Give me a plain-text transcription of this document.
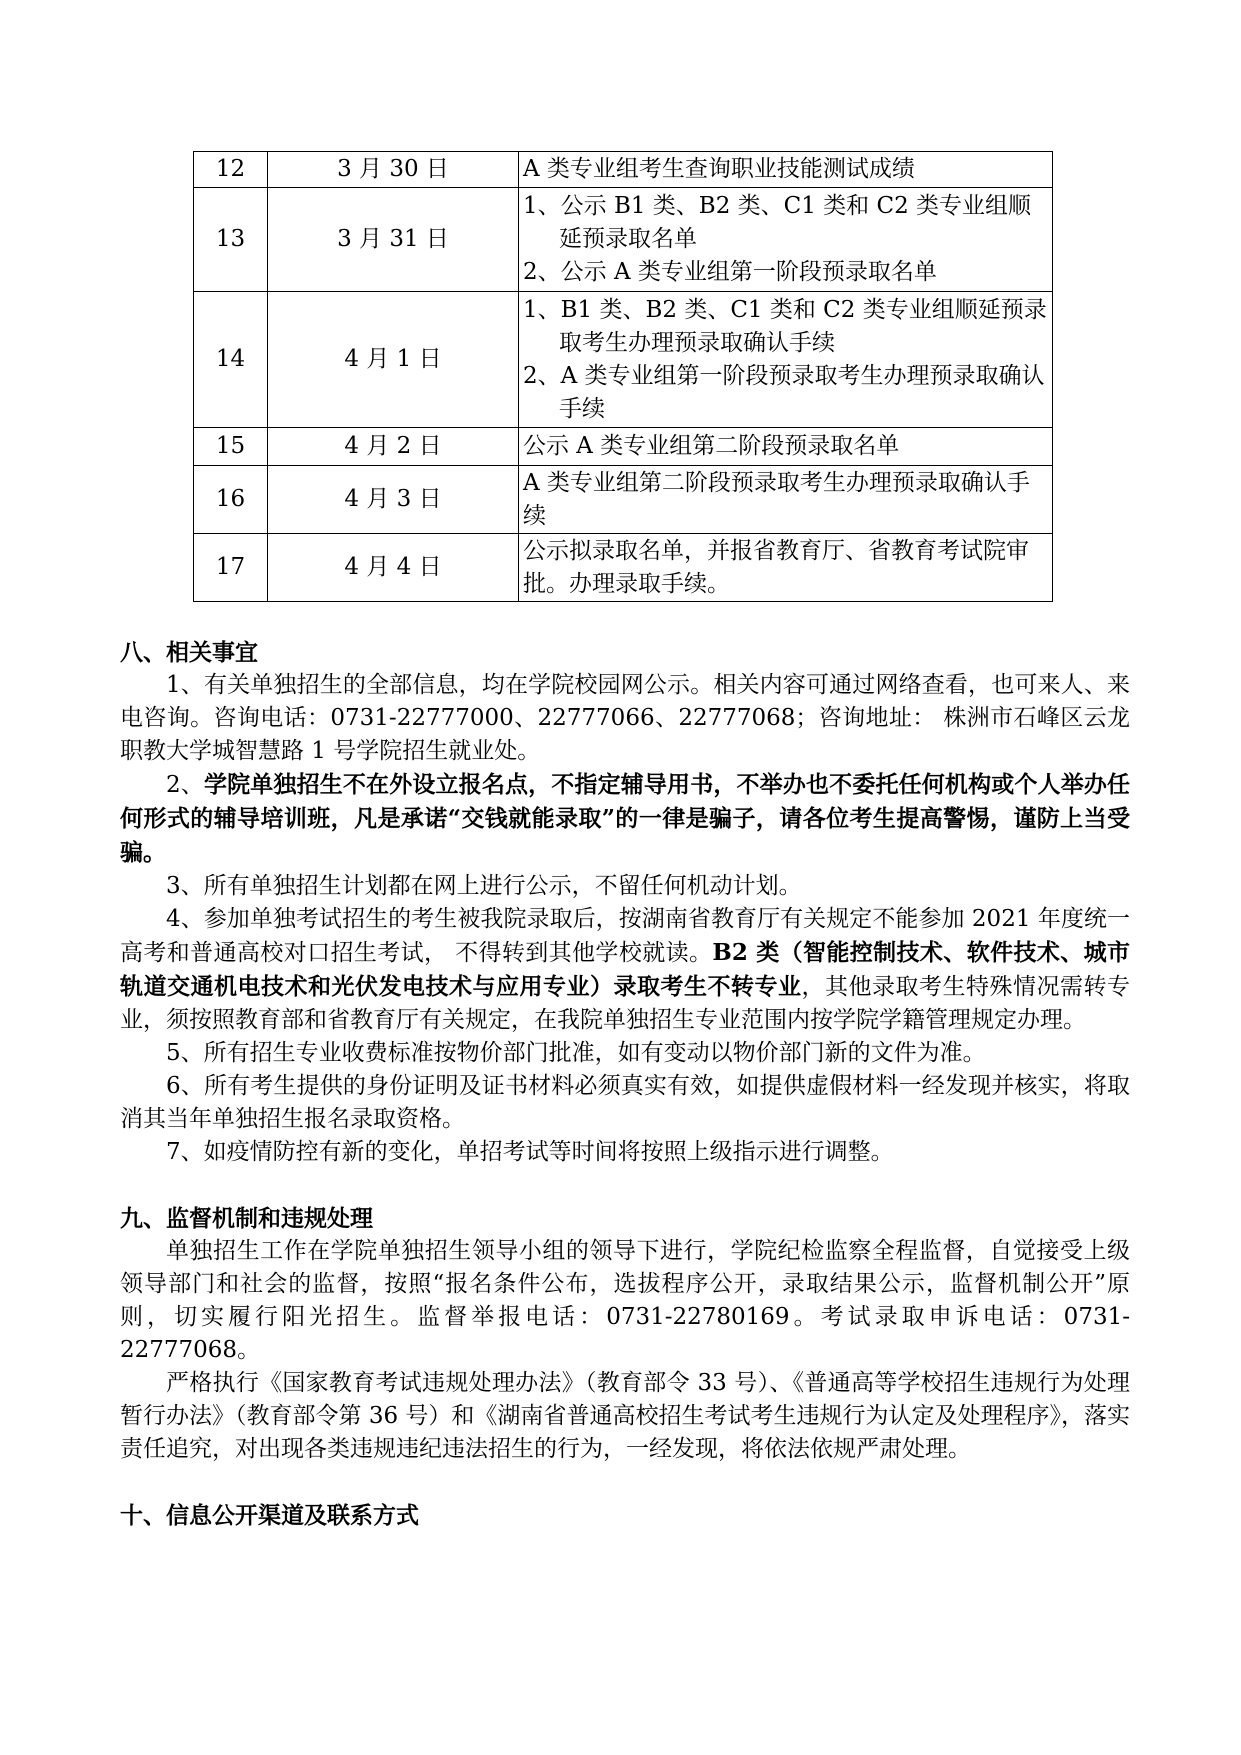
12	3 月 30 日	A 类专业组考生查询职业技能测试成绩
13	3 月 31 日	1、公示 B1 类、B2 类、C1 类和 C2 类专业组顺延预录取名单
2、公示 A 类专业组第一阶段预录取名单

14	4 月 1 日	1、B1 类、B2 类、C1 类和 C2 类专业组顺延预录取考生办理预录取确认手续
2、A 类专业组第一阶段预录取考生办理预录取确认手续

15	4 月 2 日	公示 A 类专业组第二阶段预录取名单
16	4 月 3 日	A 类专业组第二阶段预录取考生办理预录取确认手续
17	4 月 4 日	公示拟录取名单，并报省教育厅、省教育考试院审批。办理录取手续。

八、相关事宜

1、有关单独招生的全部信息，均在学院校园网公示。相关内容可通过网络查看，也可来人、来电咨询。咨询电话：0731-22777000、22777066、22777068；咨询地址： 株洲市石峰区云龙职教大学城智慧路 1 号学院招生就业处。

2、学院单独招生不在外设立报名点，不指定辅导用书，不举办也不委托任何机构或个人举办任何形式的辅导培训班，凡是承诺“交钱就能录取”的一律是骗子，请各位考生提高警惕，谨防上当受骗。

3、所有单独招生计划都在网上进行公示，不留任何机动计划。

4、参加单独考试招生的考生被我院录取后，按湖南省教育厅有关规定不能参加 2021 年度统一高考和普通高校对口招生考试， 不得转到其他学校就读。B2 类（智能控制技术、软件技术、城市轨道交通机电技术和光伏发电技术与应用专业）录取考生不转专业，其他录取考生特殊情况需转专业，须按照教育部和省教育厅有关规定，在我院单独招生专业范围内按学院学籍管理规定办理。

5、所有招生专业收费标准按物价部门批准，如有变动以物价部门新的文件为准。

6、所有考生提供的身份证明及证书材料必须真实有效，如提供虚假材料一经发现并核实，将取消其当年单独招生报名录取资格。

7、如疫情防控有新的变化，单招考试等时间将按照上级指示进行调整。

九、监督机制和违规处理

单独招生工作在学院单独招生领导小组的领导下进行，学院纪检监察全程监督，自觉接受上级领导部门和社会的监督，按照“报名条件公布，选拔程序公开，录取结果公示，监督机制公开”原则，切实履行阳光招生。监督举报电话：0731-22780169。考试录取申诉电话：0731-22777068。

严格执行《国家教育考试违规处理办法》（教育部令 33 号）、《普通高等学校招生违规行为处理暂行办法》（教育部令第 36 号）和《湖南省普通高校招生考试考生违规行为认定及处理程序》，落实责任追究，对出现各类违规违纪违法招生的行为，一经发现，将依法依规严肃处理。

十、信息公开渠道及联系方式
